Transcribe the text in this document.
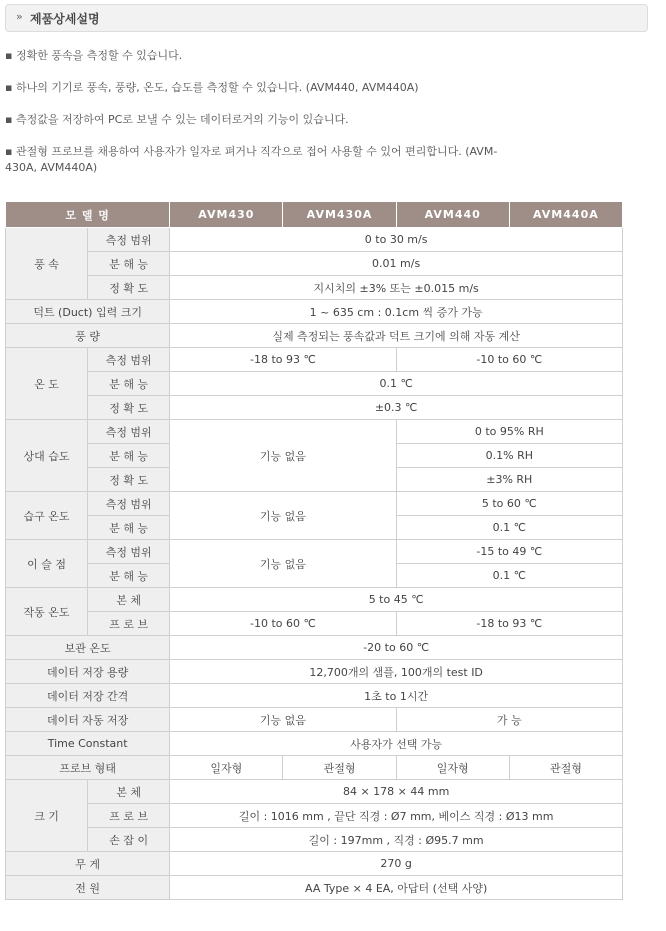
» 제품상세설명

▪ 정확한 풍속을 측정할 수 있습니다.

▪ 하나의 기기로 풍속, 풍량, 온도, 습도를 측정할 수 있습니다. (AVM440, AVM440A)

▪ 측정값을 저장하여 PC로 보낼 수 있는 데이터로거의 기능이 있습니다.

▪ 관절형 프로브를 채용하여 사용자가 일자로 펴거나 직각으로 접어 사용할 수 있어 편리합니다. (AVM-

430A, AVM440A)

모 델 명		AVM430	AVM430A	AVM440	AVM440A
풍 속	측정 범위	0 to 30 m/s			
	분 해 능	0.01 m/s			
	정 확 도	지시치의 ±3% 또는 ±0.015 m/s			
덕트 (Duct) 입력 크기		1 ~ 635 cm : 0.1cm 씩 증가 가능			
풍 량		실제 측정되는 풍속값과 덕트 크기에 의해 자동 계산			
온 도	측정 범위	-18 to 93 ℃		-10 to 60 ℃	
	분 해 능	0.1 ℃			
	정 확 도	±0.3 ℃			
상대 습도	측정 범위	기능 없음		0 to 95% RH	
	분 해 능			0.1% RH	
	정 확 도			±3% RH	
습구 온도	측정 범위	기능 없음		5 to 60 ℃	
	분 해 능			0.1 ℃	
이 슬 점	측정 범위	기능 없음		-15 to 49 ℃	
	분 해 능			0.1 ℃	
작동 온도	본 체	5 to 45 ℃			
	프 로 브	-10 to 60 ℃		-18 to 93 ℃	
보관 온도		-20 to 60 ℃			
데이터 저장 용량		12,700개의 샘플, 100개의 test ID			
데이터 저장 간격		1초 to 1시간			
데이터 자동 저장		기능 없음		가 능	
Time Constant		사용자가 선택 가능			
프로브 형태		일자형	관절형	일자형	관절형
크 기	본 체	84 × 178 × 44 mm			
	프 로 브	길이 : 1016 mm , 끝단 직경 : Ø7 mm, 베이스 직경 : Ø13 mm			
	손 잡 이	길이 : 197mm , 직경 : Ø95.7 mm			
무 게		270 g			
전 원		AA Type × 4 EA, 아답터 (선택 사양)			
